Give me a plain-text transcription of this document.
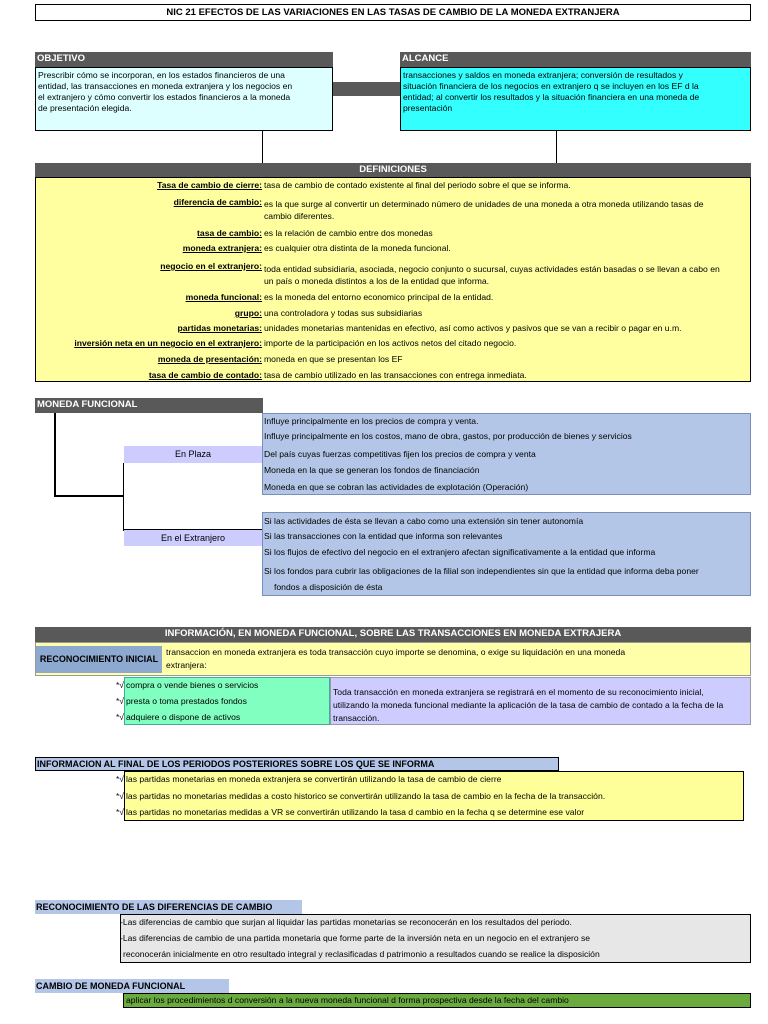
NIC 21 EFECTOS DE LAS VARIACIONES EN LAS TASAS DE CAMBIO DE LA MONEDA EXTRANJERA
OBJETIVO
Prescribir cómo se incorporan, en los estados financieros de una
entidad, las transacciones en moneda extranjera y los negocios en
el extranjero y cómo convertir los estados financieros a la moneda
de presentación elegida.
ALCANCE
transacciones y saldos en moneda extranjera; conversión de resultados y
situación financiera de los negocios en extranjero q se incluyen en los EF d la
entidad; al convertir los resultados y la situación financiera en una moneda de
presentación
DEFINICIONES
Tasa de cambio de cierre: tasa de cambio de contado existente al final del periodo sobre el que se informa.
diferencia de cambio: es la que surge al convertir un determinado número de unidades de una moneda a otra moneda utilizando tasas de
cambio diferentes.
tasa de cambio: es la relación de cambio entre dos monedas
moneda extranjera: es cualquier otra distinta de la moneda funcional.
negocio en el extranjero: toda entidad subsidiaria, asociada, negocio conjunto o sucursal, cuyas actividades están basadas o se llevan a cabo en
un país o moneda distintos a los de la entidad que informa.
moneda funcional: es la moneda del entorno economico principal de la entidad.
grupo: una controladora y todas sus subsidiarias
partidas monetarias: unidades monetarias mantenidas en efectivo, así como activos y pasivos que se van a recibir o pagar en u.m.
inversión neta en un negocio en el extranjero: importe de la participación en los activos netos del citado negocio.
moneda de presentación: moneda en que se presentan los EF
tasa de cambio de contado: tasa de cambio utilizado en las transacciones con entrega inmediata.
MONEDA FUNCIONAL
En Plaza
Influye principalmente en los precios de compra y venta.
Influye principalmente en los costos, mano de obra, gastos, por producción de bienes y servicios
Del país cuyas fuerzas competitivas fijen los precios de compra y venta
Moneda en la que se generan los fondos de financiación
Moneda en que se cobran las actividades de explotación (Operación)
En el Extranjero
Si las actividades de ésta se llevan a cabo como una extensión sin tener autonomía
Si las transacciones con la entidad que informa son relevantes
Si los flujos de efectivo del negocio en el extranjero afectan significativamente a la entidad que informa
Si los fondos para cubrir las obligaciones de la filial son independientes sin que la entidad que informa deba poner
fondos a disposición de ésta
INFORMACIÓN, EN MONEDA FUNCIONAL, SOBRE LAS TRANSACCIONES EN MONEDA EXTRAJERA
RECONOCIMIENTO INICIAL
transaccion en moneda extranjera es toda transacción cuyo importe se denomina, o exige su liquidación en una moneda
extranjera:
*√
*√
*√
compra o vende bienes o servicios
presta o toma prestados fondos
adquiere o dispone de activos
Toda transacción en moneda extranjera se registrará en el momento de su reconocimiento inicial,
utilizando la moneda funcional mediante la aplicación de la tasa de cambio de contado a la fecha de la
transacción.
INFORMACION AL FINAL DE LOS PERIODOS POSTERIORES SOBRE LOS QUE SE INFORMA
*√
*√
*√
las partidas monetarias en moneda extranjera se convertirán utilizando la tasa de cambio de cierre
las partidas no monetarias medidas a costo historico se convertirán utilizando la tasa de cambio en la fecha de la transacción.
las partidas no monetarias medidas a VR se convertirán utilizando la tasa d cambio en la fecha q se determine ese valor
RECONOCIMIENTO DE LAS DIFERENCIAS DE CAMBIO
-Las diferencias de cambio que surjan al liquidar las partidas monetarias se reconocerán en los resultados del periodo.
-Las diferencias de cambio de una partida monetaria que forme parte de la inversión neta en un negocio en el extranjero se
reconocerán inicialmente en otro resultado integral y reclasificadas d patrimonio a resultados cuando se realice la disposición
CAMBIO DE MONEDA FUNCIONAL
aplicar los procedimientos d conversión a la nueva moneda funcional d forma prospectiva desde la fecha del cambio
